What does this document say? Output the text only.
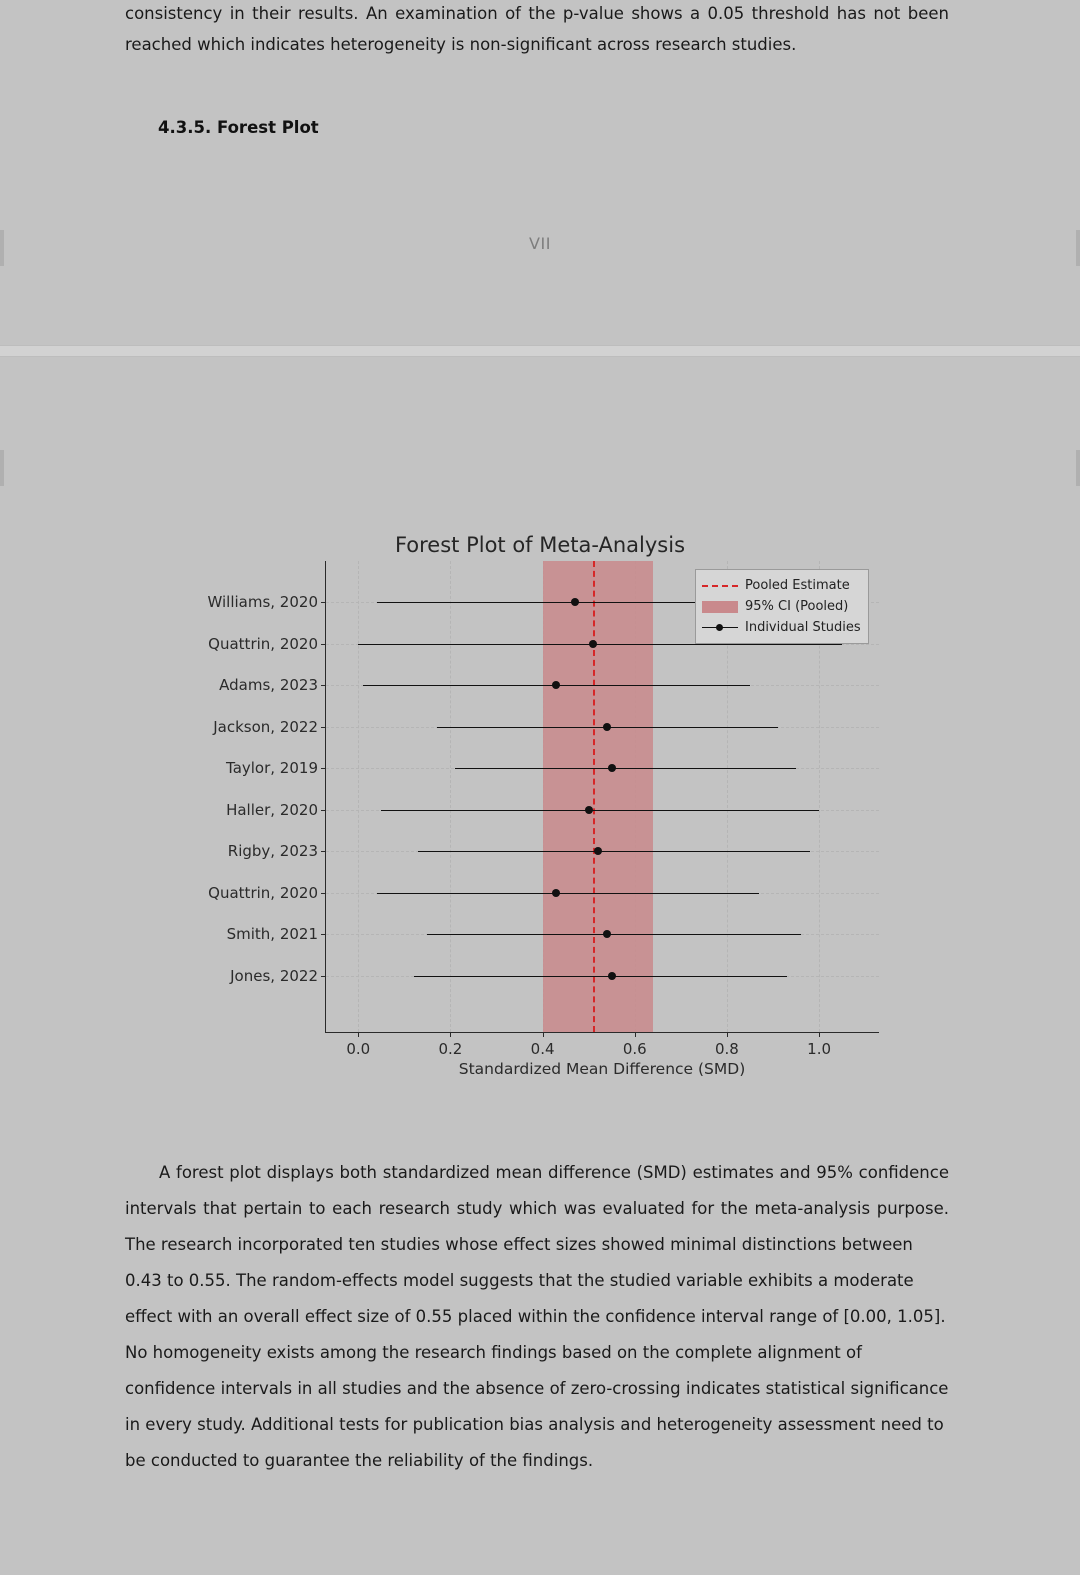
consistency in their results. An examination of the p-value shows a 0.05 threshold has not been reached which indicates heterogeneity is non-significant across research studies.
4.3.5. Forest Plot
VII
Forest Plot of Meta-Analysis
Williams, 2020
Quattrin, 2020
Adams, 2023
Jackson, 2022
Taylor, 2019
Haller, 2020
Rigby, 2023
Quattrin, 2020
Smith, 2021
Jones, 2022
0.0	0.2	0.4	0.6	0.8	1.0
Standardized Mean Difference (SMD)
Pooled Estimate
95% CI (Pooled)
Individual Studies
A forest plot displays both standardized mean difference (SMD) estimates and 95% confidence intervals that pertain to each research study which was evaluated for the meta-analysis purpose. The research incorporated ten studies whose effect sizes showed minimal distinctions between
0.43 to 0.55. The random-effects model suggests that the studied variable exhibits a moderate effect with an overall effect size of 0.55 placed within the confidence interval range of [0.00, 1.05]. No homogeneity exists among the research findings based on the complete alignment of confidence intervals in all studies and the absence of zero-crossing indicates statistical significance in every study. Additional tests for publication bias analysis and heterogeneity assessment need to be conducted to guarantee the reliability of the findings.
